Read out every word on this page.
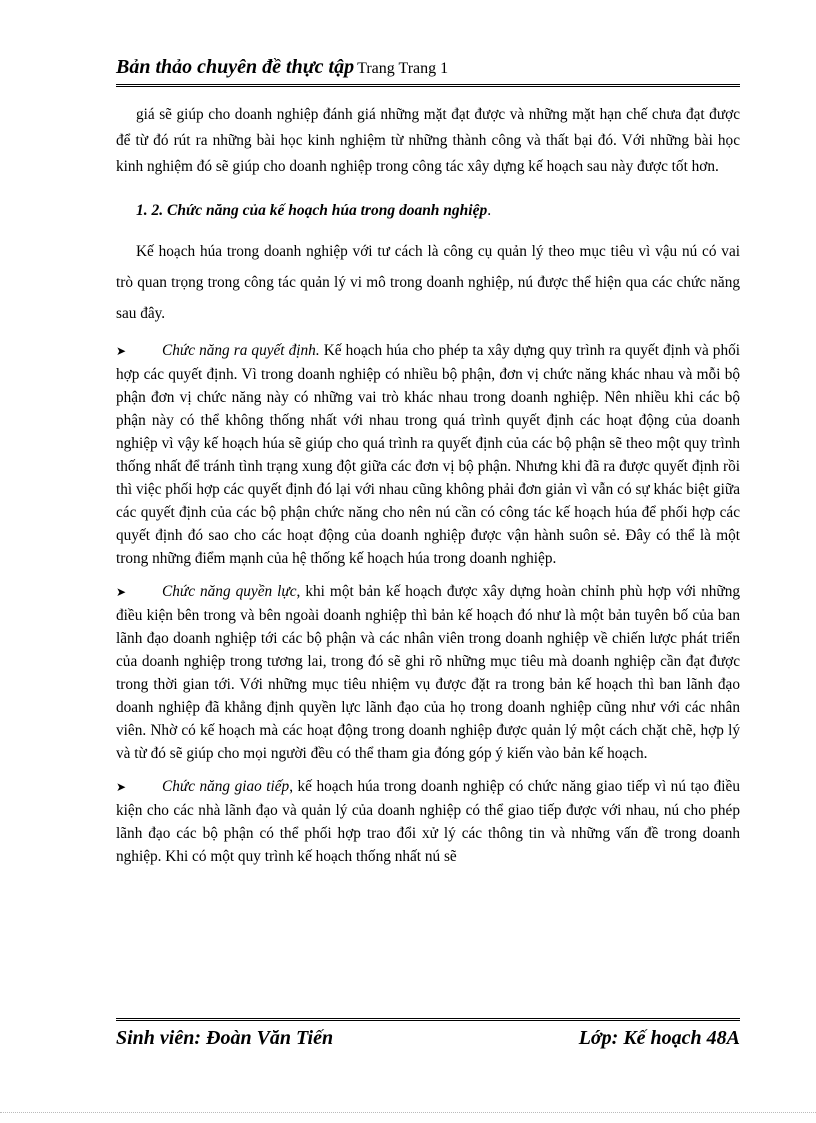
Bản thảo chuyên đề thực tập Trang Trang 1

giá sẽ giúp cho doanh nghiệp đánh giá những mặt đạt được và những mặt hạn chế chưa đạt được để từ đó rút ra những bài học kinh nghiệm từ những thành công và thất bại đó. Với những bài học kinh nghiệm đó sẽ giúp cho doanh nghiệp trong công tác xây dựng kế hoạch sau này được tốt hơn.

1. 2. Chức năng của kế hoạch húa trong doanh nghiệp.

Kế hoạch húa trong doanh nghiệp với tư cách là công cụ quản lý theo mục tiêu vì vậu nú có vai trò quan trọng trong công tác quản lý vi mô trong doanh nghiệp, nú được thể hiện qua các chức năng sau đây.

➤ Chức năng ra quyết định. Kế hoạch húa cho phép ta xây dựng quy trình ra quyết định và phối hợp các quyết định. Vì trong doanh nghiệp có nhiều bộ phận, đơn vị chức năng khác nhau và mỗi bộ phận đơn vị chức năng này có những vai trò khác nhau trong doanh nghiệp. Nên nhiều khi các bộ phận này có thể không thống nhất với nhau trong quá trình quyết định các hoạt động của doanh nghiệp vì vậy kế hoạch húa sẽ giúp cho quá trình ra quyết định của các bộ phận sẽ theo một quy trình thống nhất để tránh tình trạng xung đột giữa các đơn vị bộ phận. Nhưng khi đã ra được quyết định rồi thì việc phối hợp các quyết định đó lại với nhau cũng không phải đơn giản vì vẫn có sự khác biệt giữa các quyết định của các bộ phận chức năng cho nên nú cần có công tác kế hoạch húa để phối hợp các quyết định đó sao cho các hoạt động của doanh nghiệp được vận hành suôn sẻ. Đây có thể là một trong những điểm mạnh của hệ thống kế hoạch húa trong doanh nghiệp.

➤ Chức năng quyền lực, khi một bản kế hoạch được xây dựng hoàn chỉnh phù hợp với những điều kiện bên trong và bên ngoài doanh nghiệp thì bản kế hoạch đó như là một bản tuyên bố của ban lãnh đạo doanh nghiệp tới các bộ phận và các nhân viên trong doanh nghiệp về chiến lược phát triển của doanh nghiệp trong tương lai, trong đó sẽ ghi rõ những mục tiêu mà doanh nghiệp cần đạt được trong thời gian tới. Với những mục tiêu nhiệm vụ được đặt ra trong bản kế hoạch thì ban lãnh đạo doanh nghiệp đã khẳng định quyền lực lãnh đạo của họ trong doanh nghiệp cũng như với các nhân viên. Nhờ có kế hoạch mà các hoạt động trong doanh nghiệp được quản lý một cách chặt chẽ, hợp lý và từ đó sẽ giúp cho mọi người đều có thể tham gia đóng góp ý kiến vào bản kế hoạch.

➤ Chức năng giao tiếp, kế hoạch húa trong doanh nghiệp có chức năng giao tiếp vì nú tạo điều kiện cho các nhà lãnh đạo và quản lý của doanh nghiệp có thể giao tiếp được với nhau, nú cho phép lãnh đạo các bộ phận có thể phối hợp trao đổi xử lý các thông tin và những vấn đề trong doanh nghiệp. Khi có một quy trình kế hoạch thống nhất nú sẽ

Sinh viên: Đoàn Văn Tiến	Lớp: Kế hoạch 48A
